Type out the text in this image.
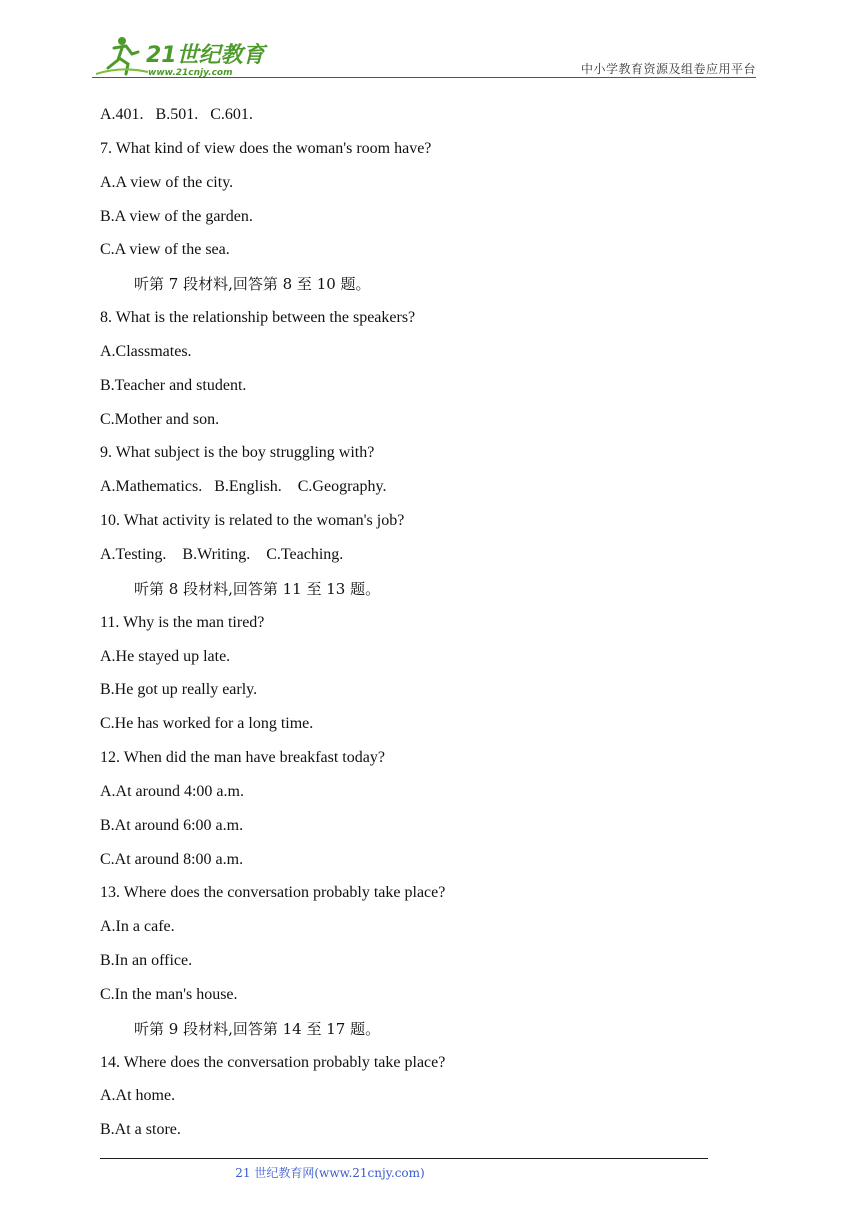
21世纪教育
www.21cnjy.com	中小学教育资源及组卷应用平台
A.401.   B.501.   C.601.
7. What kind of view does the woman's room have?
A.A view of the city.
B.A view of the garden.
C.A view of the sea.
听第 7 段材料,回答第 8 至 10 题。
8. What is the relationship between the speakers?
A.Classmates.
B.Teacher and student.
C.Mother and son.
9. What subject is the boy struggling with?
A.Mathematics.   B.English.    C.Geography.
10. What activity is related to the woman's job?
A.Testing.    B.Writing.    C.Teaching.
听第 8 段材料,回答第 11 至 13 题。
11. Why is the man tired?
A.He stayed up late.
B.He got up really early.
C.He has worked for a long time.
12. When did the man have breakfast today?
A.At around 4:00 a.m.
B.At around 6:00 a.m.
C.At around 8:00 a.m.
13. Where does the conversation probably take place?
A.In a cafe.
B.In an office.
C.In the man's house.
听第 9 段材料,回答第 14 至 17 题。
14. Where does the conversation probably take place?
A.At home.
B.At a store.
21 世纪教育网(www.21cnjy.com)
